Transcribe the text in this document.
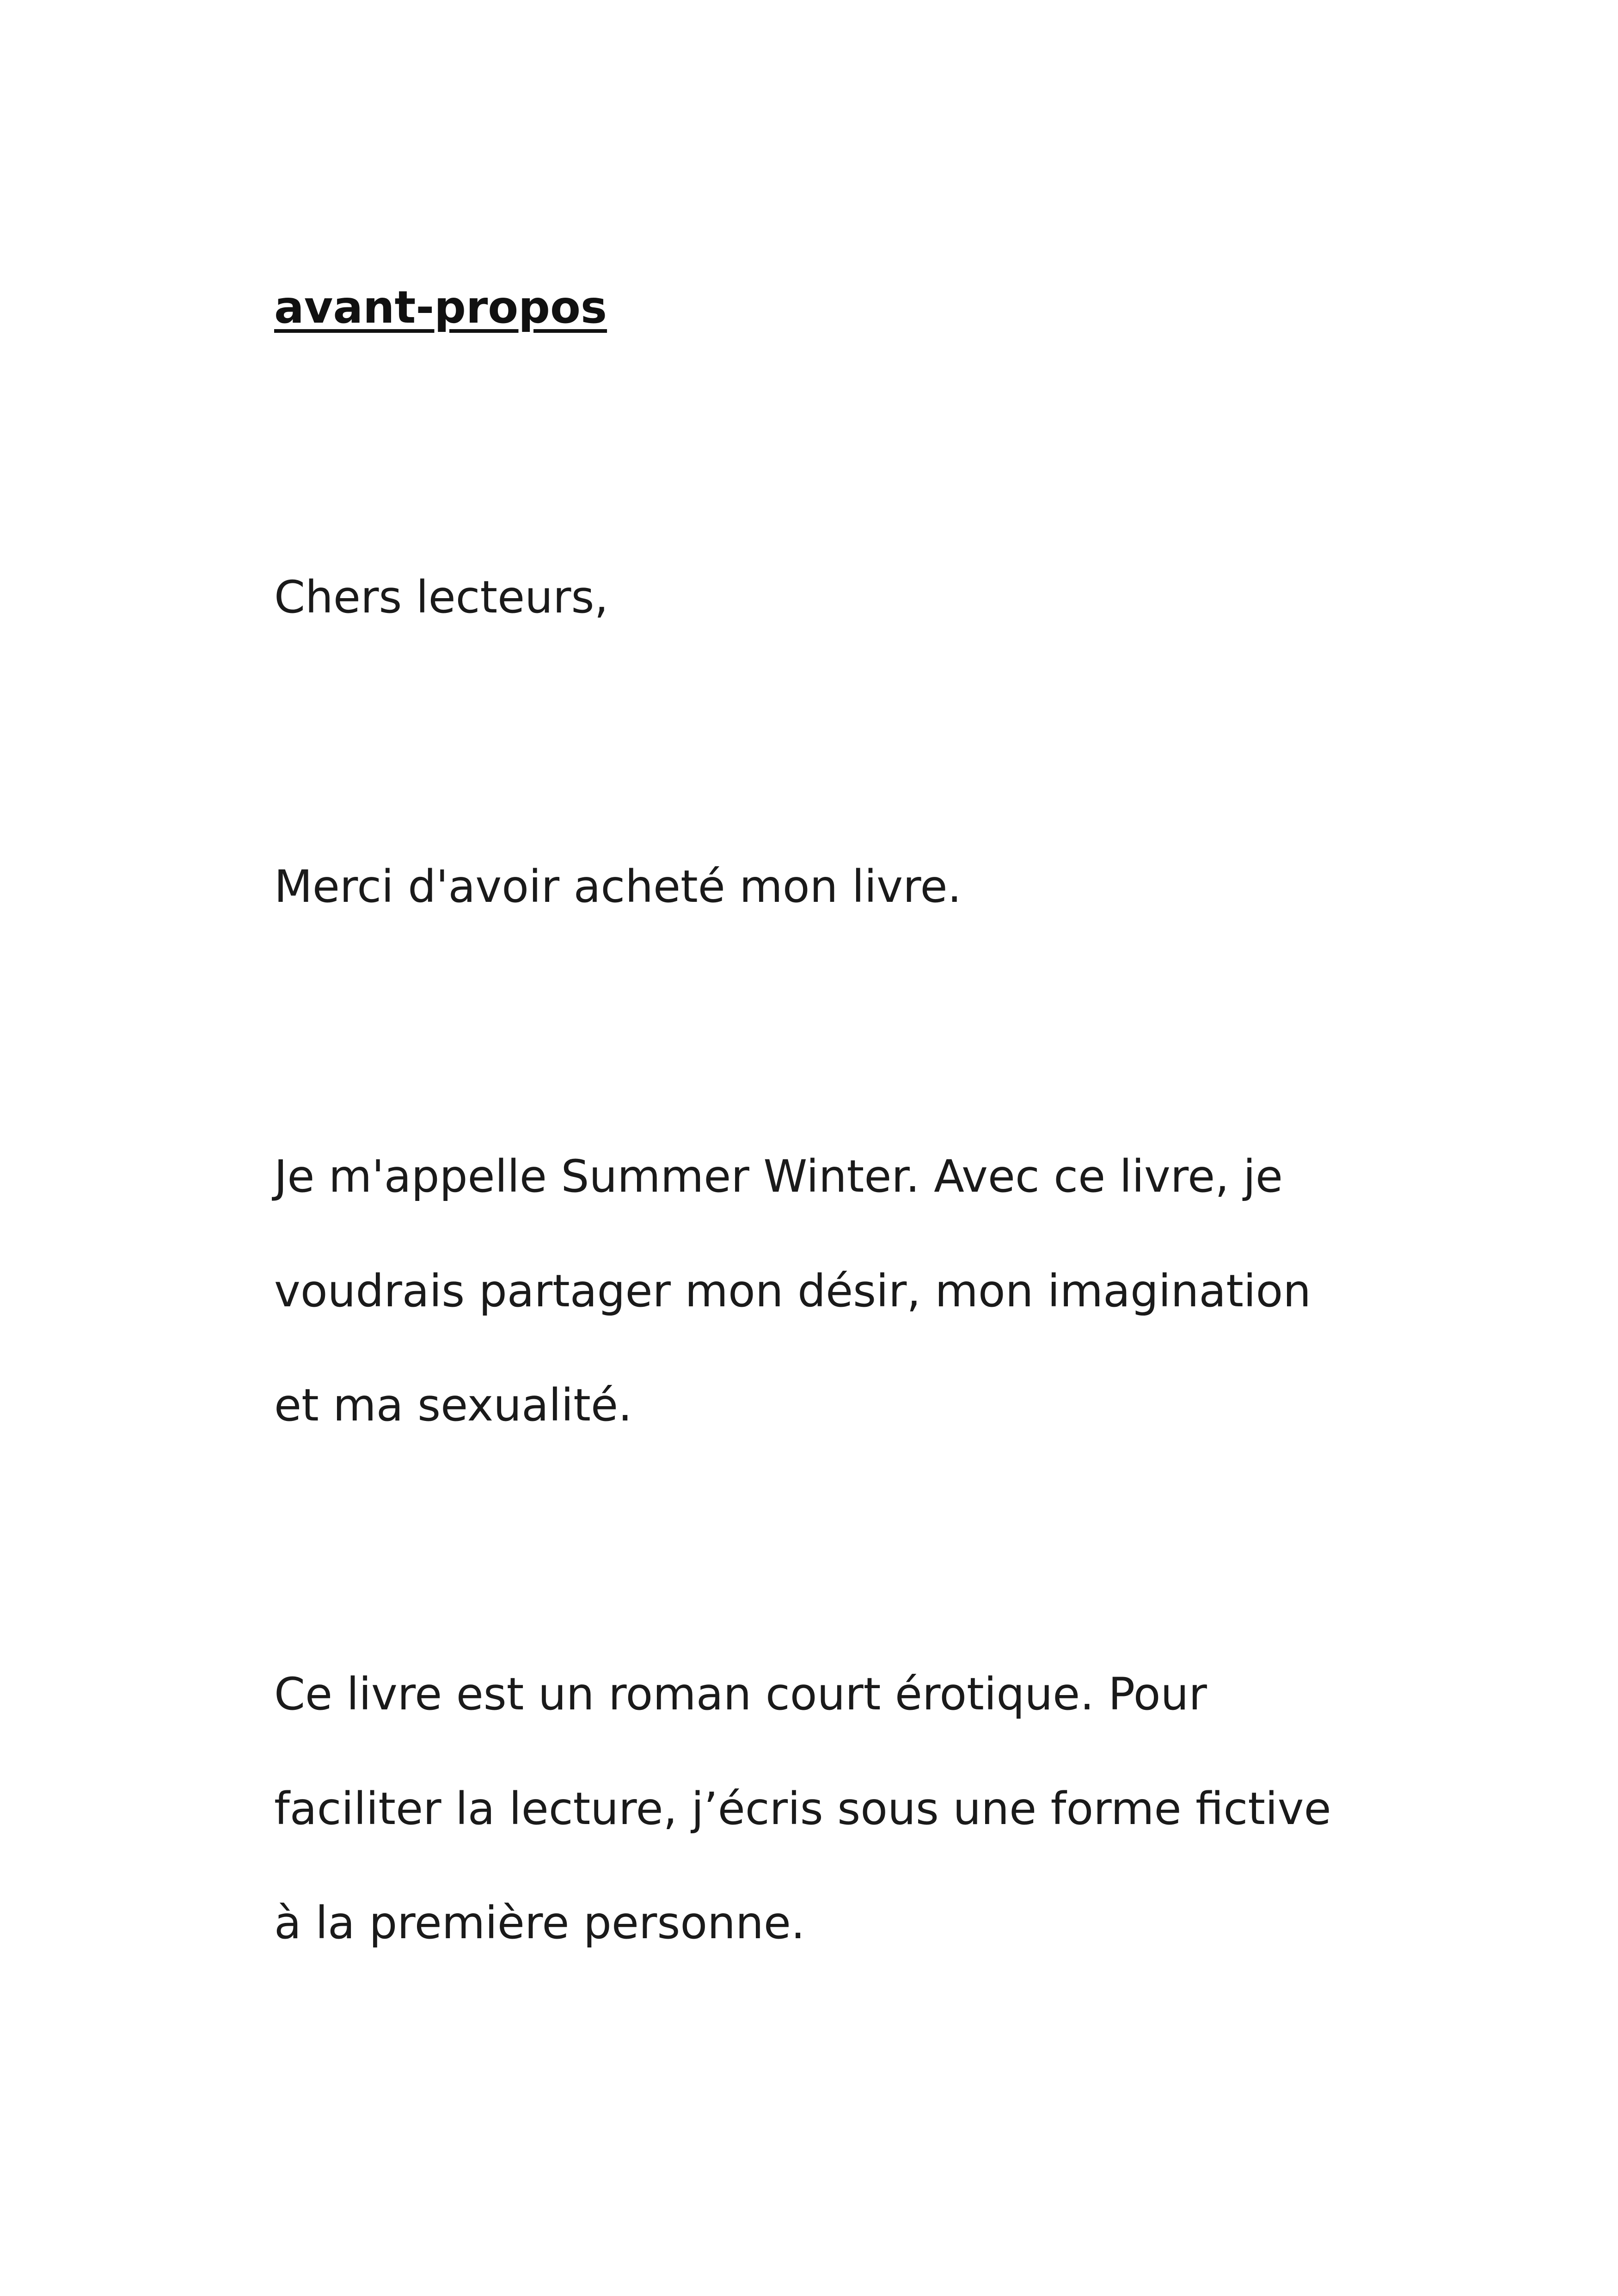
avant-propos

Chers lecteurs,

Merci d'avoir acheté mon livre.

Je m'appelle Summer Winter. Avec ce livre, je

voudrais partager mon désir, mon imagination

et ma sexualité.

Ce livre est un roman court érotique. Pour

faciliter la lecture, j’écris sous une forme fictive

à la première personne.
